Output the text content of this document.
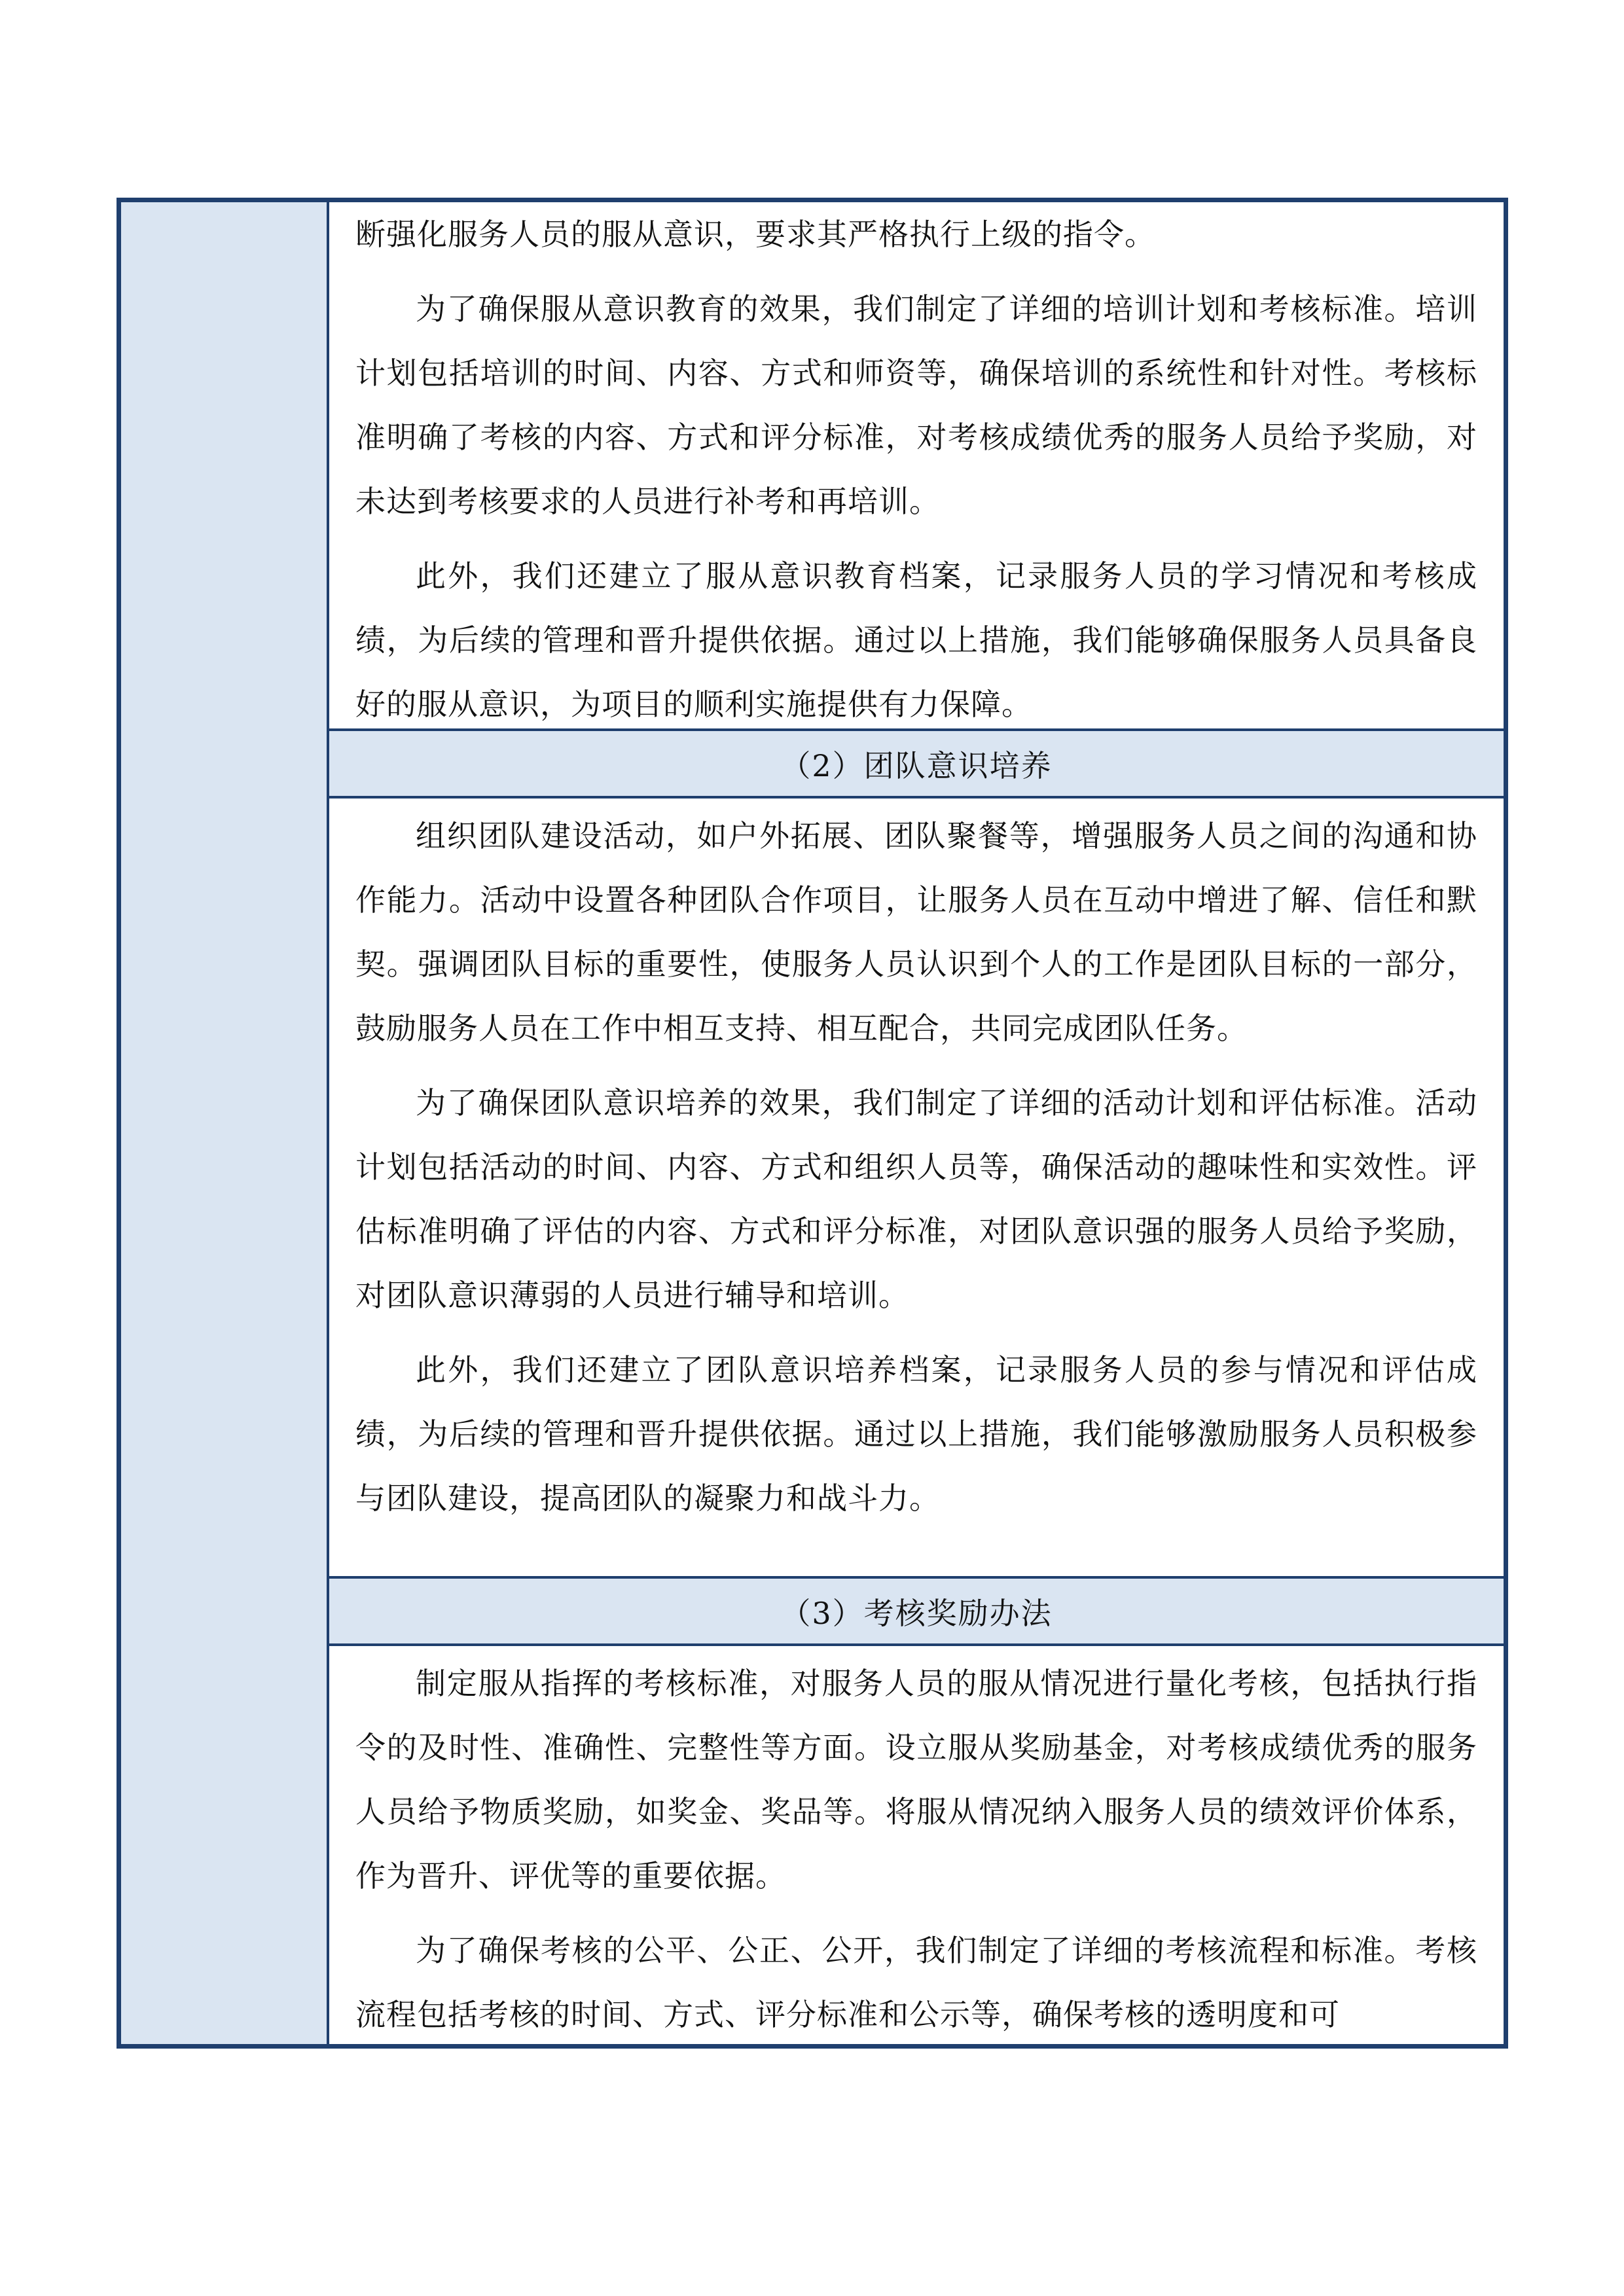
断强化服务人员的服从意识，要求其严格执行上级的指令。

为了确保服从意识教育的效果，我们制定了详细的培训计划和考核标准。培训计划包括培训的时间、内容、方式和师资等，确保培训的系统性和针对性。考核标准明确了考核的内容、方式和评分标准，对考核成绩优秀的服务人员给予奖励，对未达到考核要求的人员进行补考和再培训。

此外，我们还建立了服从意识教育档案，记录服务人员的学习情况和考核成绩，为后续的管理和晋升提供依据。通过以上措施，我们能够确保服务人员具备良好的服从意识，为项目的顺利实施提供有力保障。

（2）团队意识培养

组织团队建设活动，如户外拓展、团队聚餐等，增强服务人员之间的沟通和协作能力。活动中设置各种团队合作项目，让服务人员在互动中增进了解、信任和默契。强调团队目标的重要性，使服务人员认识到个人的工作是团队目标的一部分，鼓励服务人员在工作中相互支持、相互配合，共同完成团队任务。

为了确保团队意识培养的效果，我们制定了详细的活动计划和评估标准。活动计划包括活动的时间、内容、方式和组织人员等，确保活动的趣味性和实效性。评估标准明确了评估的内容、方式和评分标准，对团队意识强的服务人员给予奖励，对团队意识薄弱的人员进行辅导和培训。

此外，我们还建立了团队意识培养档案，记录服务人员的参与情况和评估成绩，为后续的管理和晋升提供依据。通过以上措施，我们能够激励服务人员积极参与团队建设，提高团队的凝聚力和战斗力。

（3）考核奖励办法

制定服从指挥的考核标准，对服务人员的服从情况进行量化考核，包括执行指令的及时性、准确性、完整性等方面。设立服从奖励基金，对考核成绩优秀的服务人员给予物质奖励，如奖金、奖品等。将服从情况纳入服务人员的绩效评价体系，作为晋升、评优等的重要依据。

为了确保考核的公平、公正、公开，我们制定了详细的考核流程和标准。考核流程包括考核的时间、方式、评分标准和公示等，确保考核的透明度和可
